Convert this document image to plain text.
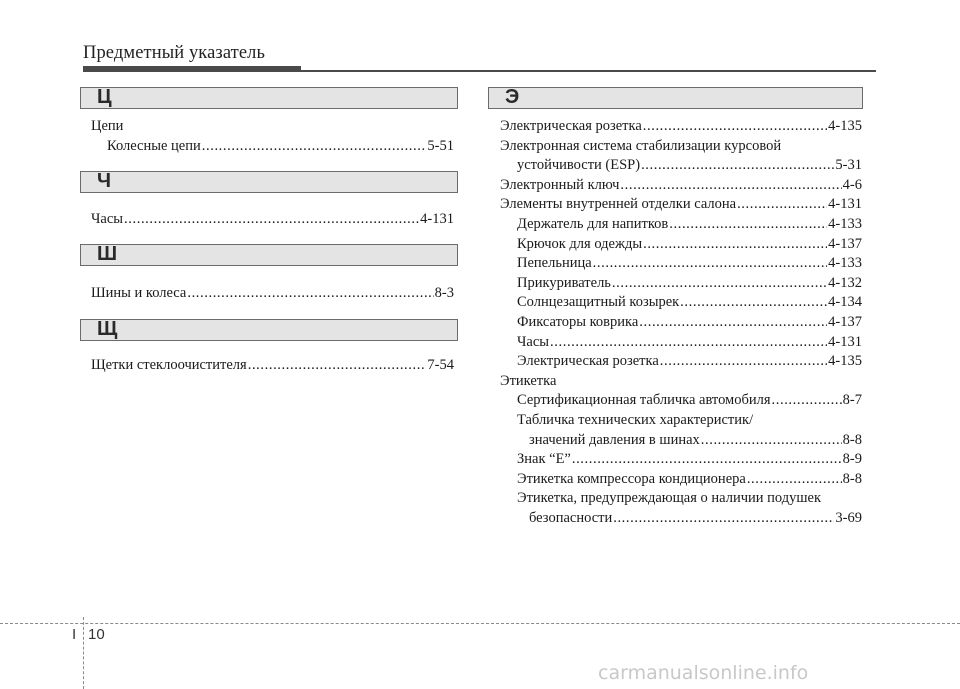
Предметный указатель
Ц
Цепи
Колесные цепи .....	5-51
Ч
Часы .....	4-131
Ш
Шины и колеса .....	8-3
Щ
Щетки стеклоочистителя .....	7-54
Э
Электрическая розетка .....	4-135
Электронная система стабилизации курсовой
устойчивости (ESP) .....	5-31
Электронный ключ .....	4-6
Элементы внутренней отделки салона .....	4-131
Держатель для напитков .....	4-133
Крючок для одежды .....	4-137
Пепельница .....	4-133
Прикуриватель .....	4-132
Солнцезащитный козырек .....	4-134
Фиксаторы коврика .....	4-137
Часы .....	4-131
Электрическая розетка .....	4-135
Этикетка
Сертификационная табличка автомобиля .....	8-7
Табличка технических характеристик/
значений давления в шинах .....	8-8
Знак “E” .....	8-9
Этикетка компрессора кондиционера .....	8-8
Этикетка, предупреждающая о наличии подушек
безопасности .....	3-69
I 10
carmanualsonline.info
